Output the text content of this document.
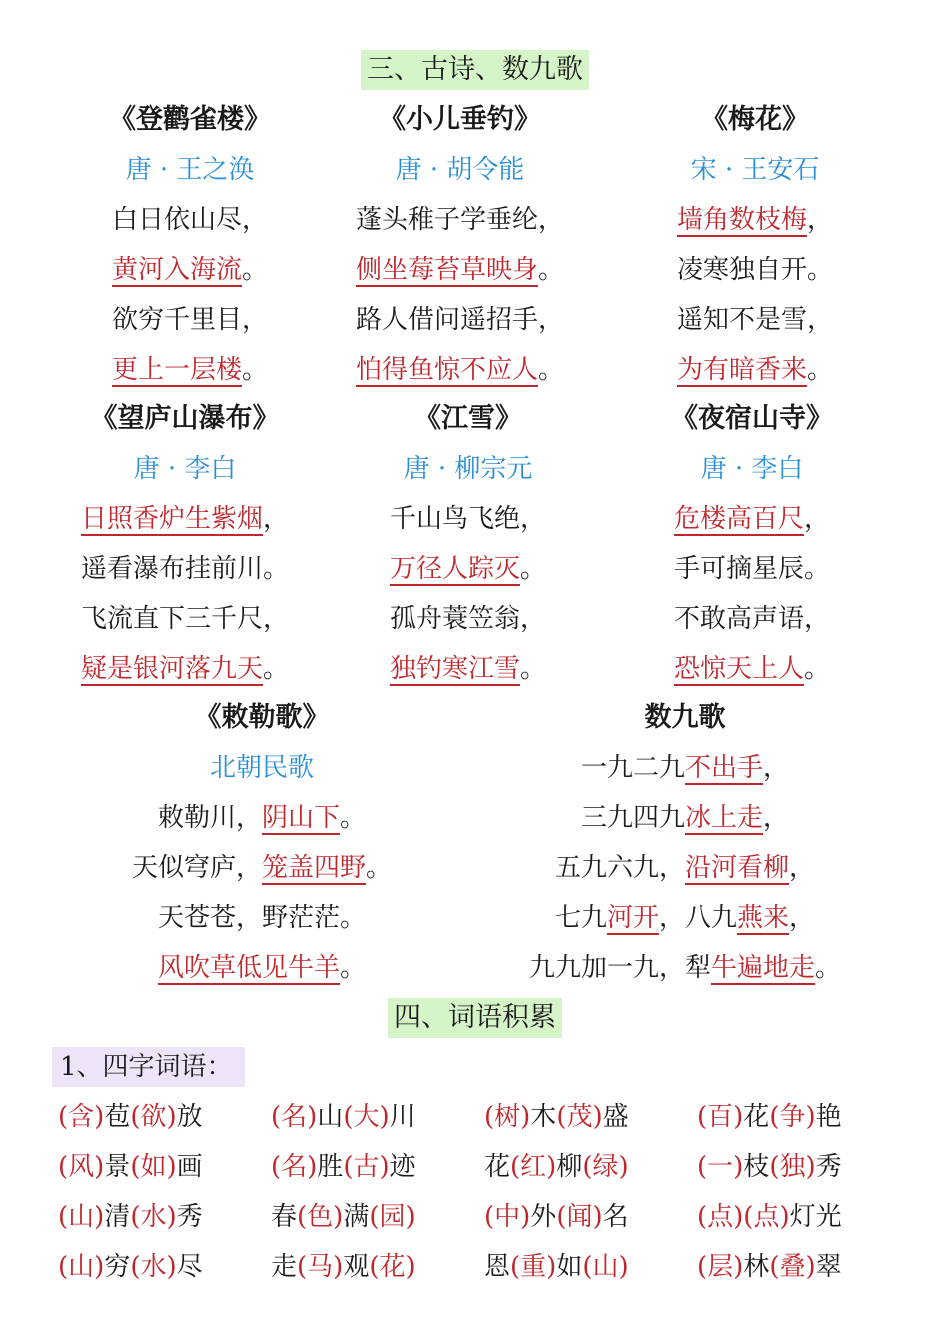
三、古诗、数九歌
《登鹳雀楼》
唐 · 王之涣
白日依山尽，
黄河入海流。
欲穷千里目，
更上一层楼。
《小儿垂钓》
唐 · 胡令能
蓬头稚子学垂纶，
侧坐莓苔草映身。
路人借问遥招手，
怕得鱼惊不应人。
《梅花》
宋 · 王安石
墙角数枝梅，
凌寒独自开。
遥知不是雪，
为有暗香来。
《望庐山瀑布》
唐 · 李白
日照香炉生紫烟，
遥看瀑布挂前川。
飞流直下三千尺，
疑是银河落九天。
《江雪》
唐 · 柳宗元
千山鸟飞绝，
万径人踪灭。
孤舟蓑笠翁，
独钓寒江雪。
《夜宿山寺》
唐 · 李白
危楼高百尺，
手可摘星辰。
不敢高声语，
恐惊天上人。
《敕勒歌》
北朝民歌
敕勒川，阴山下。
天似穹庐，笼盖四野。
天苍苍，野茫茫。
风吹草低见牛羊。
数九歌
一九二九不出手，
三九四九冰上走，
五九六九，沿河看柳，
七九河开，八九燕来，
九九加一九，犁牛遍地走。
四、词语积累
1、四字词语：
(含)苞(欲)放	(名)山(大)川	(树)木(茂)盛	(百)花(争)艳
(风)景(如)画	(名)胜(古)迹	花(红)柳(绿)	(一)枝(独)秀
(山)清(水)秀	春(色)满(园)	(中)外(闻)名	(点)(点)灯光
(山)穷(水)尽	走(马)观(花)	恩(重)如(山)	(层)林(叠)翠
